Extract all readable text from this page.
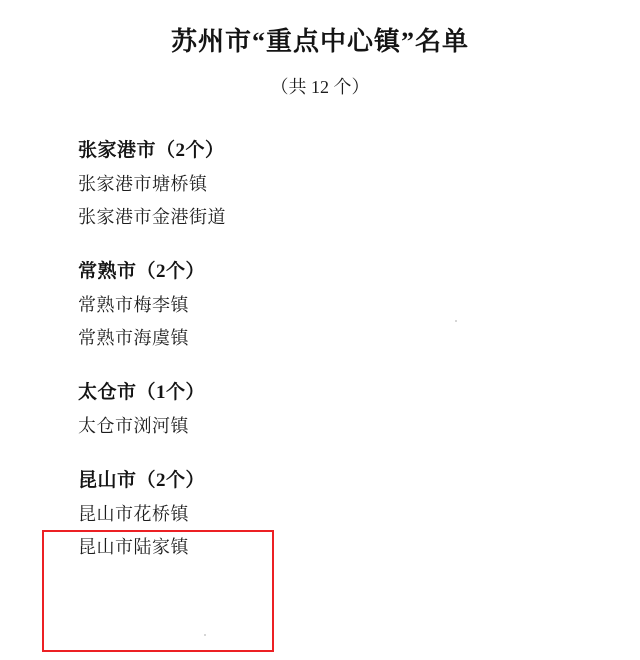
苏州市“重点中心镇”名单
（共 12 个）
张家港市（2个）
张家港市塘桥镇
张家港市金港街道
常熟市（2个）
常熟市梅李镇
常熟市海虞镇
太仓市（1个）
太仓市浏河镇
昆山市（2个）
昆山市花桥镇
昆山市陆家镇
